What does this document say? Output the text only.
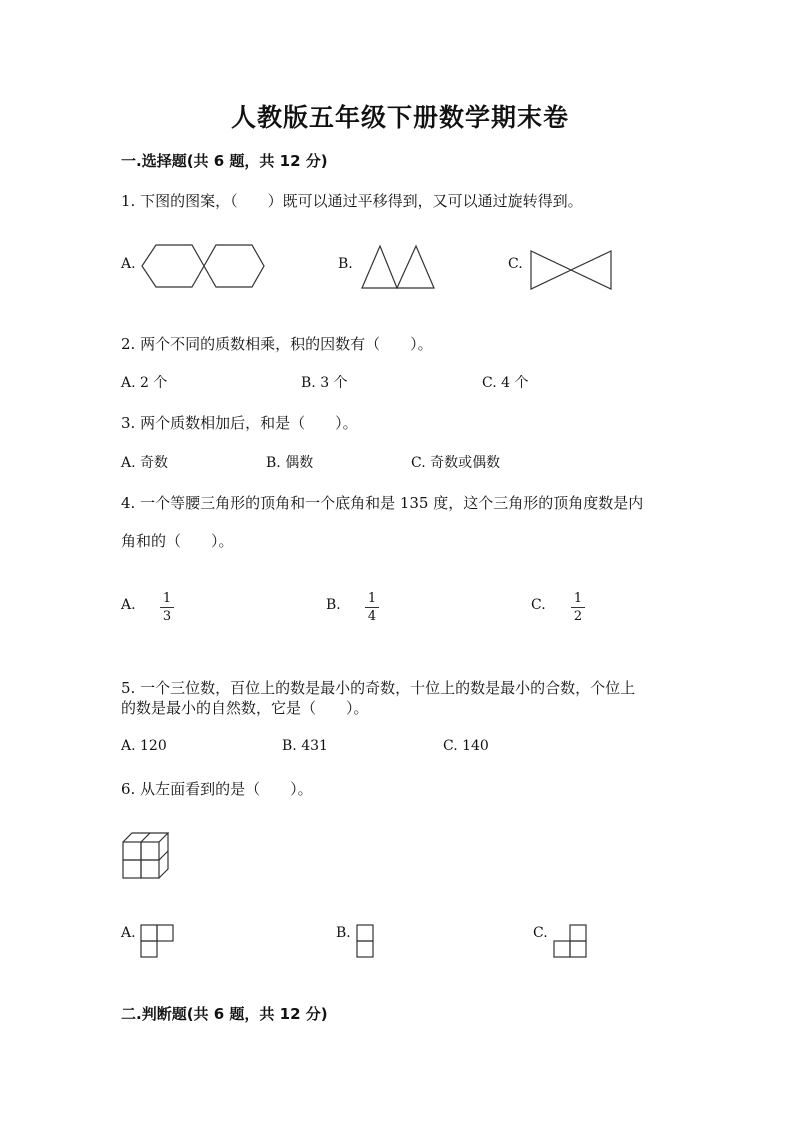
人教版五年级下册数学期末卷
一.选择题(共 6 题，共 12 分)
1. 下图的图案，（　　）既可以通过平移得到，又可以通过旋转得到。
A.	B.	C.
2. 两个不同的质数相乘，积的因数有（　　）。
A. 2 个	B. 3 个	C. 4 个
3. 两个质数相加后，和是（　　）。
A. 奇数	B. 偶数	C. 奇数或偶数
4. 一个等腰三角形的顶角和一个底角和是 135 度，这个三角形的顶角度数是内
角和的（　　）。
A. 1
3
B. 1
4
C. 1
2
5. 一个三位数，百位上的数是最小的奇数，十位上的数是最小的合数，个位上
的数是最小的自然数，它是（　　）。
A. 120	B. 431	C. 140
6. 从左面看到的是（　　）。
A.	B.	C.
二.判断题(共 6 题，共 12 分)
